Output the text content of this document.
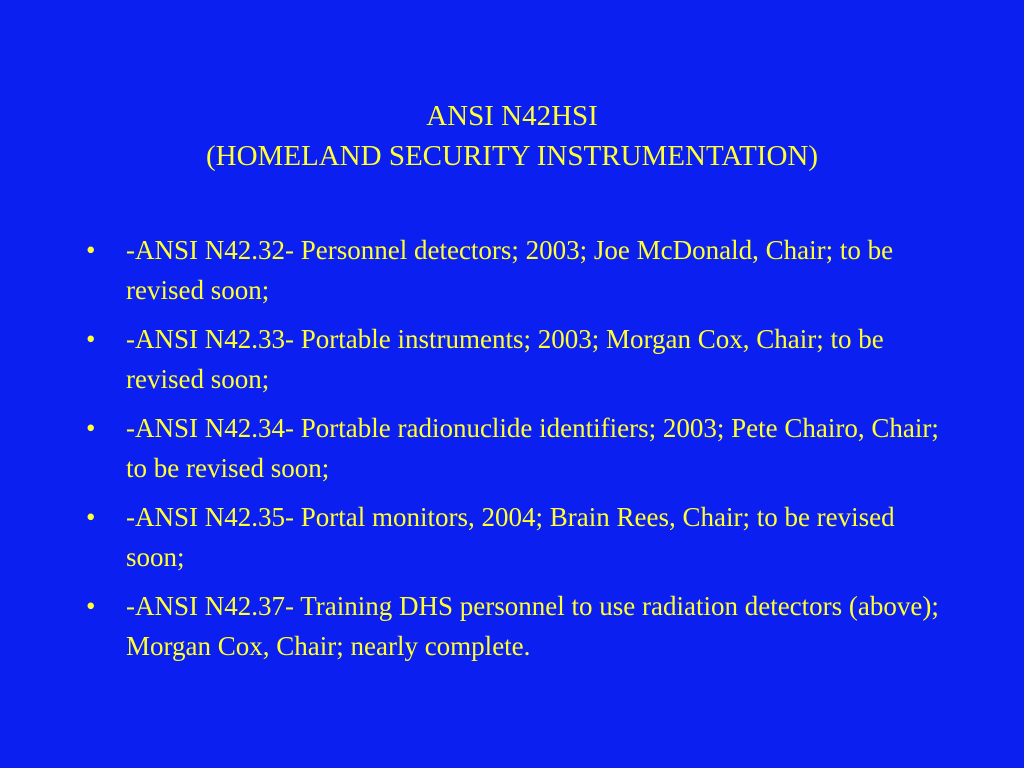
ANSI N42HSI
(HOMELAND SECURITY INSTRUMENTATION)
•	-ANSI N42.32- Personnel detectors; 2003; Joe McDonald, Chair; to be revised soon;
•	-ANSI N42.33- Portable instruments; 2003; Morgan Cox, Chair; to be revised soon;
•	-ANSI N42.34- Portable radionuclide identifiers; 2003; Pete Chairo, Chair; to be revised soon;
•	-ANSI N42.35- Portal monitors, 2004; Brain Rees, Chair; to be revised soon;
•	-ANSI N42.37- Training DHS personnel to use radiation detectors (above); Morgan Cox, Chair; nearly complete.
